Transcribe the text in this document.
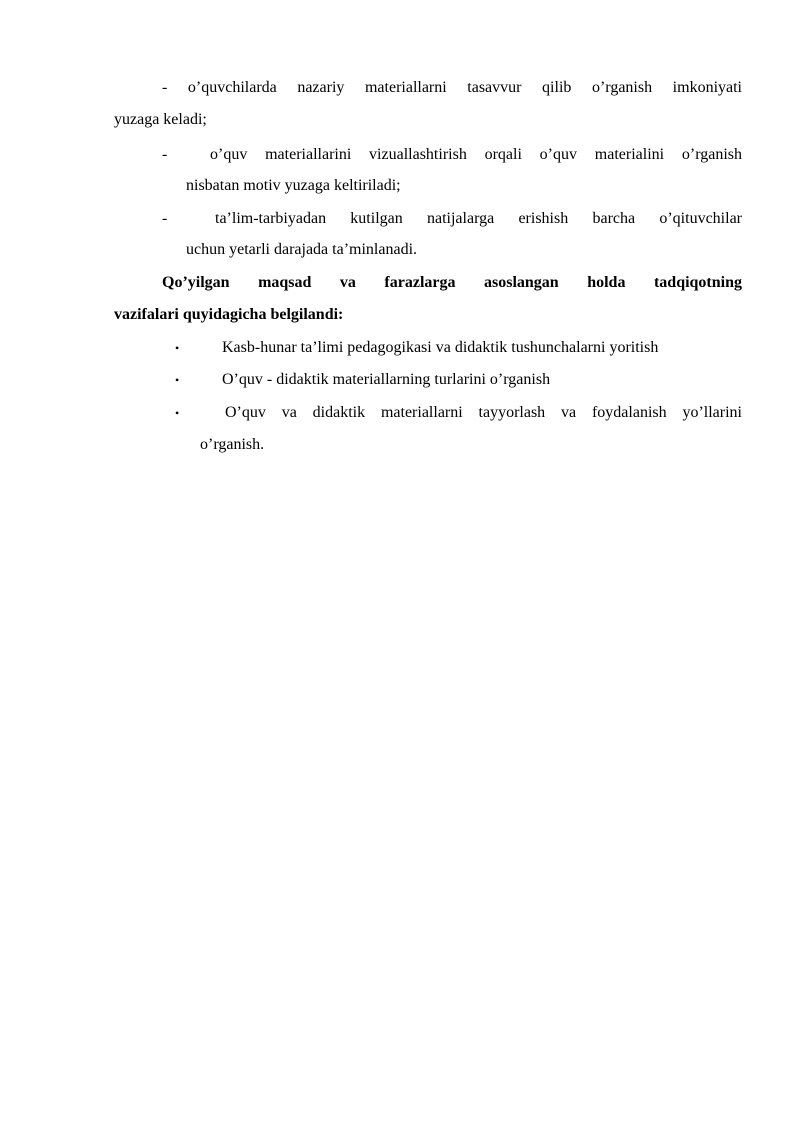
- o’quvchilarda nazariy materiallarni tasavvur qilib o’rganish imkoniyati
yuzaga keladi;
-	o’quv materiallarini vizuallashtirish orqali o’quv materialini o’rganish
nisbatan motiv yuzaga keltiriladi;
-	ta’lim-tarbiyadan kutilgan natijalarga erishish barcha o’qituvchilar
uchun yetarli darajada ta’minlanadi.
Qo’yilgan maqsad va farazlarga asoslangan holda tadqiqotning
vazifalari quyidagicha belgilandi:
•	Kasb-hunar ta’limi pedagogikasi va didaktik tushunchalarni yoritish
•	O’quv - didaktik materiallarning turlarini o’rganish
•	O’quv va didaktik materiallarni tayyorlash va foydalanish yo’llarini
o’rganish.
